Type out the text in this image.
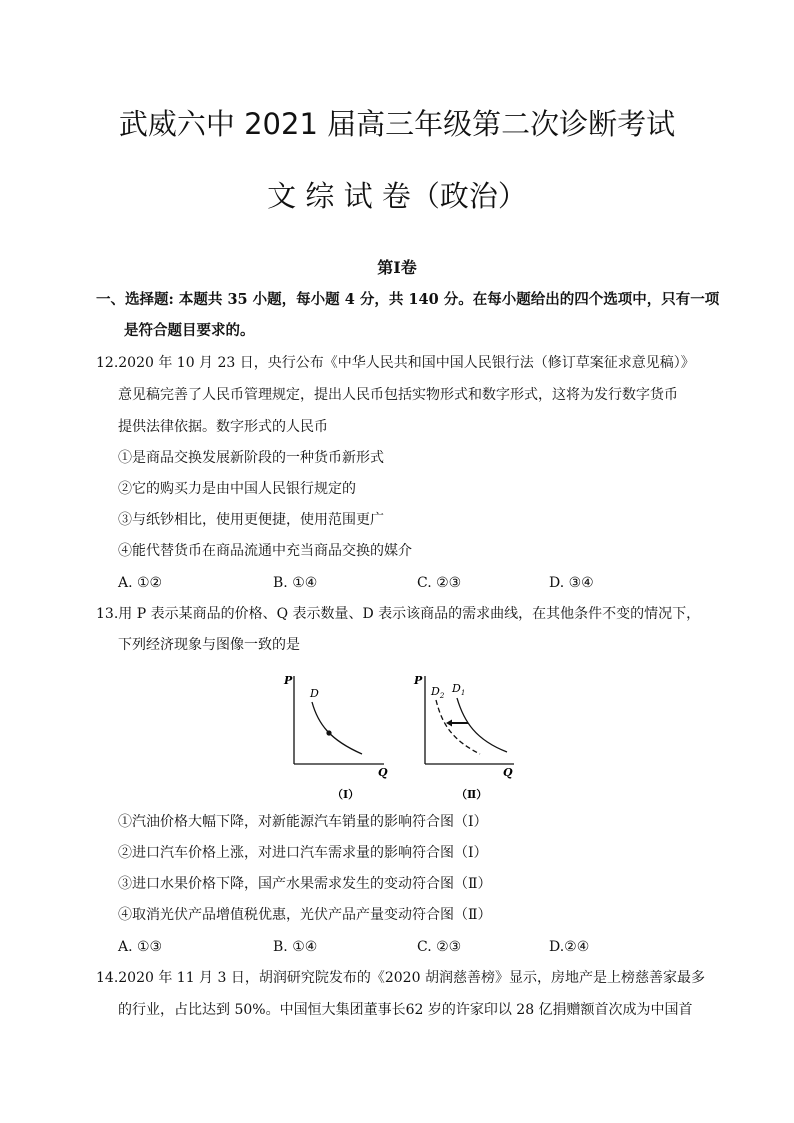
武威六中 2021 届高三年级第二次诊断考试
文 综 试 卷（政治）
第Ⅰ卷
一、选择题: 本题共 35 小题，每小题 4 分，共 140 分。在每小题给出的四个选项中，只有一项
是符合题目要求的。
12.2020 年 10 月 23 日，央行公布《中华人民共和国中国人民银行法（修订草案征求意见稿）》
意见稿完善了人民币管理规定，提出人民币包括实物形式和数字形式，这将为发行数字货币
提供法律依据。数字形式的人民币
①是商品交换发展新阶段的一种货币新形式
②它的购买力是由中国人民银行规定的
③与纸钞相比，使用更便捷，使用范围更广
④能代替货币在商品流通中充当商品交换的媒介
A. ①②	B. ①④	C. ②③	D. ③④
13.用 P 表示某商品的价格、Q 表示数量、D 表示该商品的需求曲线，在其他条件不变的情况下，
下列经济现象与图像一致的是
P
Q
D
（Ⅰ）
P
Q
$D_2$
$D_1$
（Ⅱ）
①汽油价格大幅下降，对新能源汽车销量的影响符合图（Ⅰ）
②进口汽车价格上涨，对进口汽车需求量的影响符合图（Ⅰ）
③进口水果价格下降，国产水果需求发生的变动符合图（Ⅱ）
④取消光伏产品增值税优惠，光伏产品产量变动符合图（Ⅱ）
A. ①③	B. ①④	C. ②③	D.②④
14.2020 年 11 月 3 日，胡润研究院发布的《2020 胡润慈善榜》显示，房地产是上榜慈善家最多
的行业，占比达到 50%。中国恒大集团董事长62 岁的许家印以 28 亿捐赠额首次成为中国首
